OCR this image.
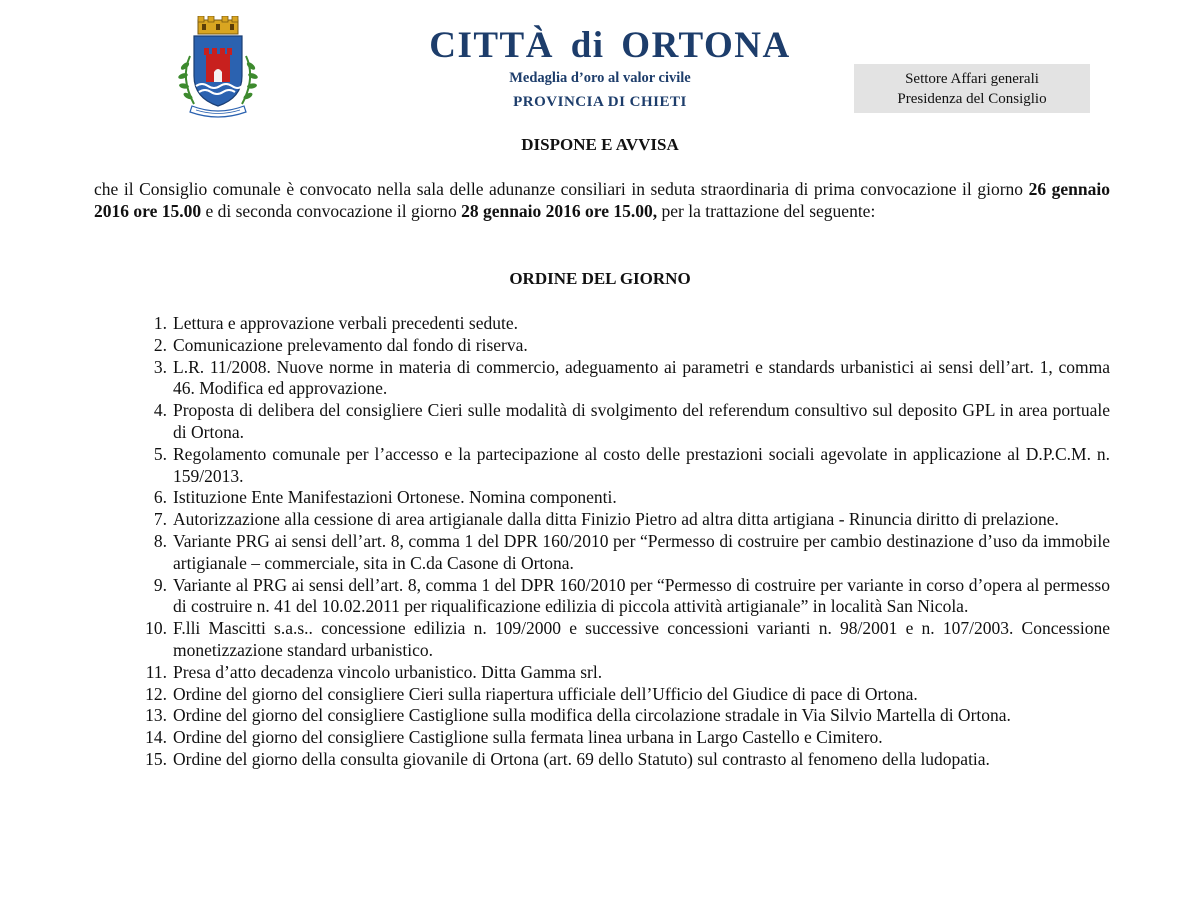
CITTÀ di ORTONA
Medaglia d’oro al valor civile
PROVINCIA DI CHIETI
Settore Affari generali
Presidenza del Consiglio
DISPONE E AVVISA
che il Consiglio comunale è convocato nella sala delle adunanze consiliari in seduta straordinaria di prima convocazione il giorno 26 gennaio 2016 ore 15.00 e di seconda convocazione il giorno 28 gennaio 2016 ore 15.00, per la trattazione del seguente:
ORDINE DEL GIORNO
1. Lettura e approvazione verbali precedenti sedute.
2. Comunicazione prelevamento dal fondo di riserva.
3. L.R. 11/2008. Nuove norme in materia di commercio, adeguamento ai parametri e standards urbanistici ai sensi dell’art. 1, comma 46. Modifica ed approvazione.
4. Proposta di delibera del consigliere Cieri sulle modalità di svolgimento del referendum consultivo sul deposito GPL in area portuale di Ortona.
5. Regolamento comunale per l’accesso e la partecipazione al costo delle prestazioni sociali agevolate in applicazione al D.P.C.M. n. 159/2013.
6. Istituzione Ente Manifestazioni Ortonese. Nomina componenti.
7. Autorizzazione alla cessione di area artigianale dalla ditta Finizio Pietro ad altra ditta artigiana - Rinuncia diritto di prelazione.
8. Variante PRG ai sensi dell’art. 8, comma 1 del DPR 160/2010 per “Permesso di costruire per cambio destinazione d’uso da immobile artigianale – commerciale, sita in C.da Casone di Ortona.
9. Variante al PRG ai sensi dell’art. 8, comma 1 del DPR 160/2010 per “Permesso di costruire per variante in corso d’opera al permesso di costruire n. 41 del 10.02.2011 per riqualificazione edilizia di piccola attività artigianale” in località San Nicola.
10. F.lli Mascitti s.a.s.. concessione edilizia n. 109/2000 e successive concessioni varianti n. 98/2001 e n. 107/2003. Concessione monetizzazione standard urbanistico.
11. Presa d’atto decadenza vincolo urbanistico. Ditta Gamma srl.
12. Ordine del giorno del consigliere Cieri sulla riapertura ufficiale dell’Ufficio del Giudice di pace di Ortona.
13. Ordine del giorno del consigliere Castiglione sulla modifica della circolazione stradale in Via Silvio Martella di Ortona.
14. Ordine del giorno del consigliere Castiglione sulla fermata linea urbana in Largo Castello e Cimitero.
15. Ordine del giorno della consulta giovanile di Ortona (art. 69 dello Statuto) sul contrasto al fenomeno della ludopatia.
